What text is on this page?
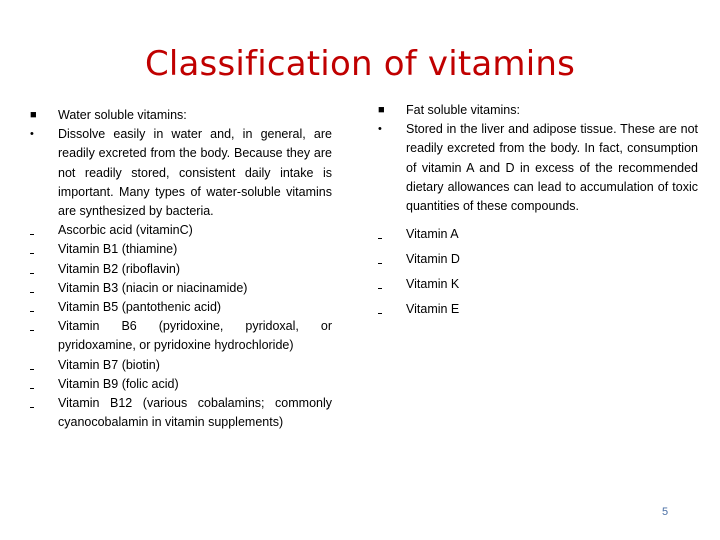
Classification of vitamins
■	Water soluble vitamins:
•	Dissolve easily in water and, in general, are readily excreted from the body. Because they are not readily stored, consistent daily intake is important. Many types of water-soluble vitamins are synthesized by bacteria.
Ascorbic acid (vitaminC)
Vitamin B1 (thiamine)
Vitamin B2 (riboflavin)
Vitamin B3 (niacin or niacinamide)
Vitamin B5 (pantothenic acid)
Vitamin B6 (pyridoxine, pyridoxal, or pyridoxamine, or pyridoxine hydrochloride)
Vitamin B7 (biotin)
Vitamin B9 (folic acid)
Vitamin B12 (various cobalamins; commonly cyanocobalamin in vitamin supplements)
■	Fat soluble vitamins:
•	Stored in the liver and adipose tissue. These are not readily excreted from the body. In fact, consumption of vitamin A and D in excess of the recommended dietary allowances can lead to accumulation of toxic quantities of these compounds.
Vitamin A
Vitamin D
Vitamin K
Vitamin E
5
